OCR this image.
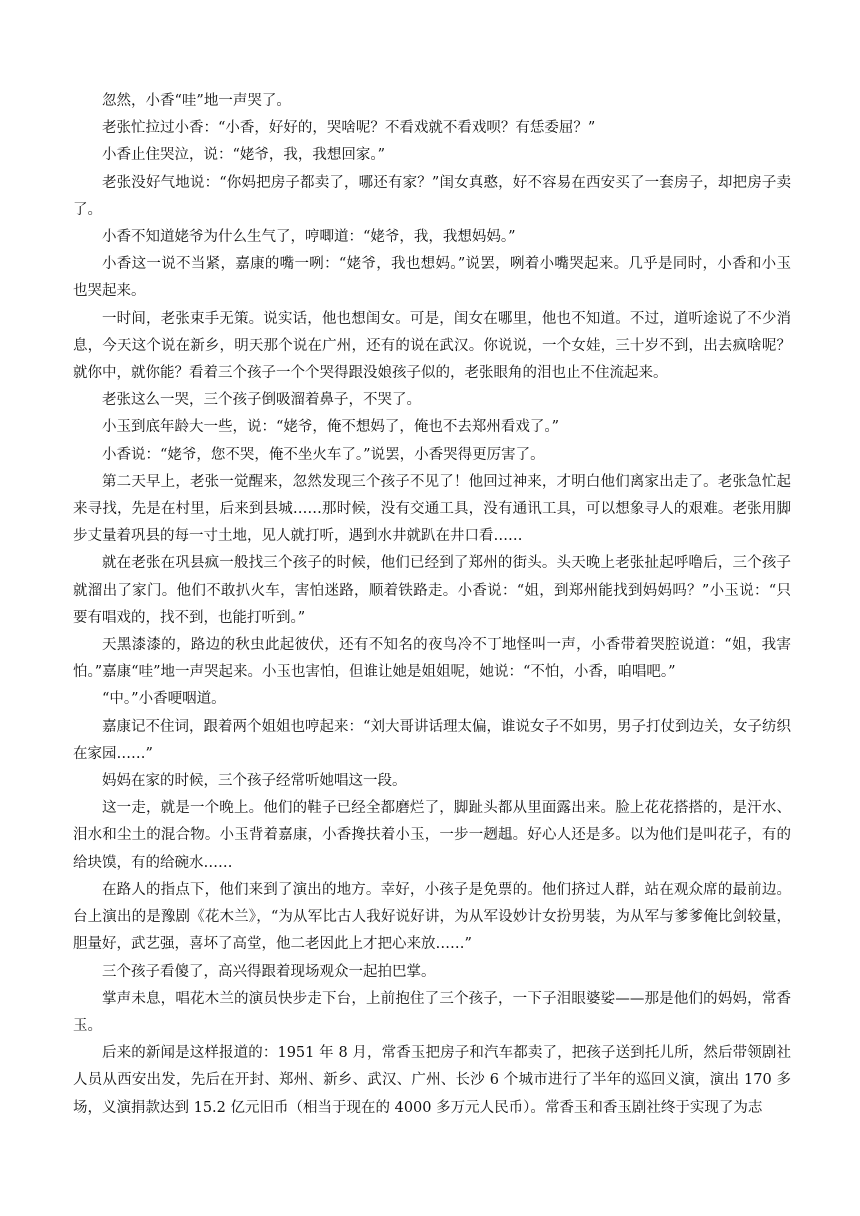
忽然，小香“哇”地一声哭了。

老张忙拉过小香：“小香，好好的，哭啥呢？不看戏就不看戏呗？有恁委屈？”

小香止住哭泣，说：“姥爷，我，我想回家。”

老张没好气地说：“你妈把房子都卖了，哪还有家？”闺女真憨，好不容易在西安买了一套房子，却把房子卖了。

小香不知道姥爷为什么生气了，哼唧道：“姥爷，我，我想妈妈。”

小香这一说不当紧，嘉康的嘴一咧：“姥爷，我也想妈。”说罢，咧着小嘴哭起来。几乎是同时，小香和小玉也哭起来。

一时间，老张束手无策。说实话，他也想闺女。可是，闺女在哪里，他也不知道。不过，道听途说了不少消息，今天这个说在新乡，明天那个说在广州，还有的说在武汉。你说说，一个女娃，三十岁不到，出去疯啥呢？就你中，就你能？看着三个孩子一个个哭得跟没娘孩子似的，老张眼角的泪也止不住流起来。

老张这么一哭，三个孩子倒吸溜着鼻子，不哭了。

小玉到底年龄大一些，说：“姥爷，俺不想妈了，俺也不去郑州看戏了。”

小香说：“姥爷，您不哭，俺不坐火车了。”说罢，小香哭得更厉害了。

第二天早上，老张一觉醒来，忽然发现三个孩子不见了！他回过神来，才明白他们离家出走了。老张急忙起来寻找，先是在村里，后来到县城……那时候，没有交通工具，没有通讯工具，可以想象寻人的艰难。老张用脚步丈量着巩县的每一寸土地，见人就打听，遇到水井就趴在井口看……

就在老张在巩县疯一般找三个孩子的时候，他们已经到了郑州的街头。头天晚上老张扯起呼噜后，三个孩子就溜出了家门。他们不敢扒火车，害怕迷路，顺着铁路走。小香说：“姐，到郑州能找到妈妈吗？”小玉说：“只要有唱戏的，找不到，也能打听到。”

天黑漆漆的，路边的秋虫此起彼伏，还有不知名的夜鸟冷不丁地怪叫一声，小香带着哭腔说道：“姐，我害怕。”嘉康“哇”地一声哭起来。小玉也害怕，但谁让她是姐姐呢，她说：“不怕，小香，咱唱吧。”

“中。”小香哽咽道。

嘉康记不住词，跟着两个姐姐也哼起来：“刘大哥讲话理太偏，谁说女子不如男，男子打仗到边关，女子纺织在家园……”

妈妈在家的时候，三个孩子经常听她唱这一段。

这一走，就是一个晚上。他们的鞋子已经全都磨烂了，脚趾头都从里面露出来。脸上花花搭搭的，是汗水、泪水和尘土的混合物。小玉背着嘉康，小香搀扶着小玉，一步一趔趄。好心人还是多。以为他们是叫花子，有的给块馍，有的给碗水……

在路人的指点下，他们来到了演出的地方。幸好，小孩子是免票的。他们挤过人群，站在观众席的最前边。台上演出的是豫剧《花木兰》，“为从军比古人我好说好讲，为从军设妙计女扮男装，为从军与爹爹俺比剑较量，胆量好，武艺强，喜坏了高堂，他二老因此上才把心来放……”

三个孩子看傻了，高兴得跟着现场观众一起拍巴掌。

掌声未息，唱花木兰的演员快步走下台，上前抱住了三个孩子，一下子泪眼婆娑——那是他们的妈妈，常香玉。

后来的新闻是这样报道的：1951 年 8 月，常香玉把房子和汽车都卖了，把孩子送到托儿所，然后带领剧社人员从西安出发，先后在开封、郑州、新乡、武汉、广州、长沙 6 个城市进行了半年的巡回义演，演出 170 多场，义演捐款达到 15.2 亿元旧币（相当于现在的 4000 多万元人民币）。常香玉和香玉剧社终于实现了为志
